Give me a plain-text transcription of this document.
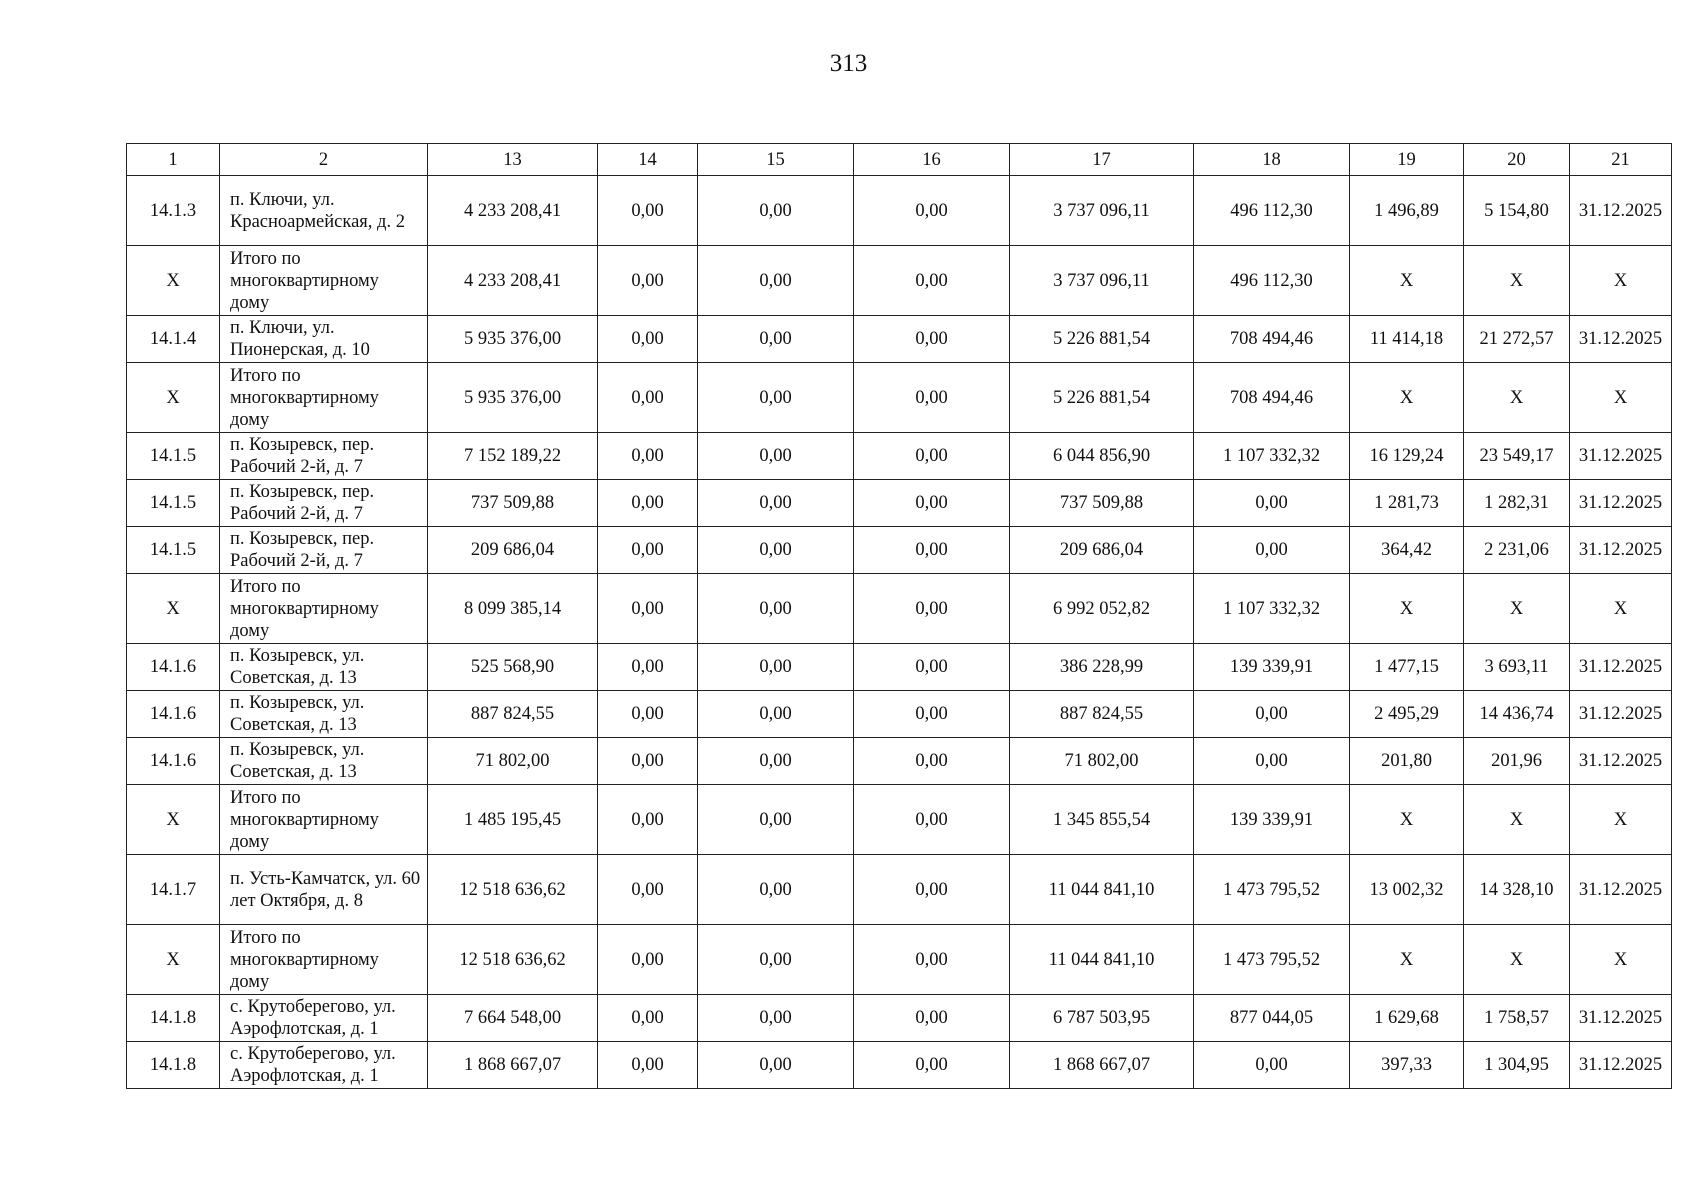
313
1	2	13	14	15	16	17	18	19	20	21
14.1.3	п. Ключи, ул. Красноармейская, д. 2	4 233 208,41	0,00	0,00	0,00	3 737 096,11	496 112,30	1 496,89	5 154,80	31.12.2025
X	Итого по многоквартирному дому	4 233 208,41	0,00	0,00	0,00	3 737 096,11	496 112,30	X	X	X
14.1.4	п. Ключи, ул. Пионерская, д. 10	5 935 376,00	0,00	0,00	0,00	5 226 881,54	708 494,46	11 414,18	21 272,57	31.12.2025
X	Итого по многоквартирному дому	5 935 376,00	0,00	0,00	0,00	5 226 881,54	708 494,46	X	X	X
14.1.5	п. Козыревск, пер. Рабочий 2-й, д. 7	7 152 189,22	0,00	0,00	0,00	6 044 856,90	1 107 332,32	16 129,24	23 549,17	31.12.2025
14.1.5	п. Козыревск, пер. Рабочий 2-й, д. 7	737 509,88	0,00	0,00	0,00	737 509,88	0,00	1 281,73	1 282,31	31.12.2025
14.1.5	п. Козыревск, пер. Рабочий 2-й, д. 7	209 686,04	0,00	0,00	0,00	209 686,04	0,00	364,42	2 231,06	31.12.2025
X	Итого по многоквартирному дому	8 099 385,14	0,00	0,00	0,00	6 992 052,82	1 107 332,32	X	X	X
14.1.6	п. Козыревск, ул. Советская, д. 13	525 568,90	0,00	0,00	0,00	386 228,99	139 339,91	1 477,15	3 693,11	31.12.2025
14.1.6	п. Козыревск, ул. Советская, д. 13	887 824,55	0,00	0,00	0,00	887 824,55	0,00	2 495,29	14 436,74	31.12.2025
14.1.6	п. Козыревск, ул. Советская, д. 13	71 802,00	0,00	0,00	0,00	71 802,00	0,00	201,80	201,96	31.12.2025
X	Итого по многоквартирному дому	1 485 195,45	0,00	0,00	0,00	1 345 855,54	139 339,91	X	X	X
14.1.7	п. Усть-Камчатск, ул. 60 лет Октября, д. 8	12 518 636,62	0,00	0,00	0,00	11 044 841,10	1 473 795,52	13 002,32	14 328,10	31.12.2025
X	Итого по многоквартирному дому	12 518 636,62	0,00	0,00	0,00	11 044 841,10	1 473 795,52	X	X	X
14.1.8	с. Крутоберегово, ул. Аэрофлотская, д. 1	7 664 548,00	0,00	0,00	0,00	6 787 503,95	877 044,05	1 629,68	1 758,57	31.12.2025
14.1.8	с. Крутоберегово, ул. Аэрофлотская, д. 1	1 868 667,07	0,00	0,00	0,00	1 868 667,07	0,00	397,33	1 304,95	31.12.2025
